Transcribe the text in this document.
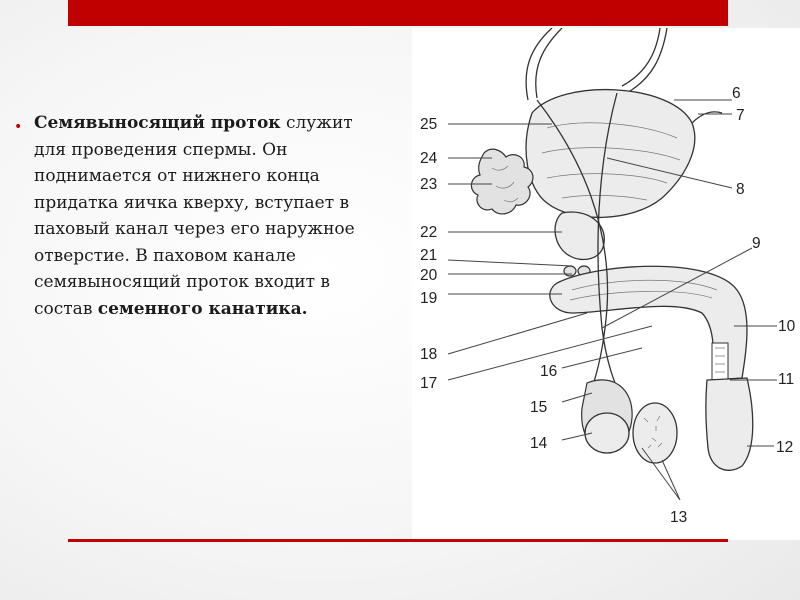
• Семявыносящий проток служит для проведения спермы. Он поднимается от нижнего конца придатка яичка кверху, вступает в паховый канал через его наружное отверстие. В паховом канале семявыносящий проток входит в состав семенного канатика.

6
7
25
24
23	8
22
21
20
19
9
10
18
17
16	11
15
14	12
13
